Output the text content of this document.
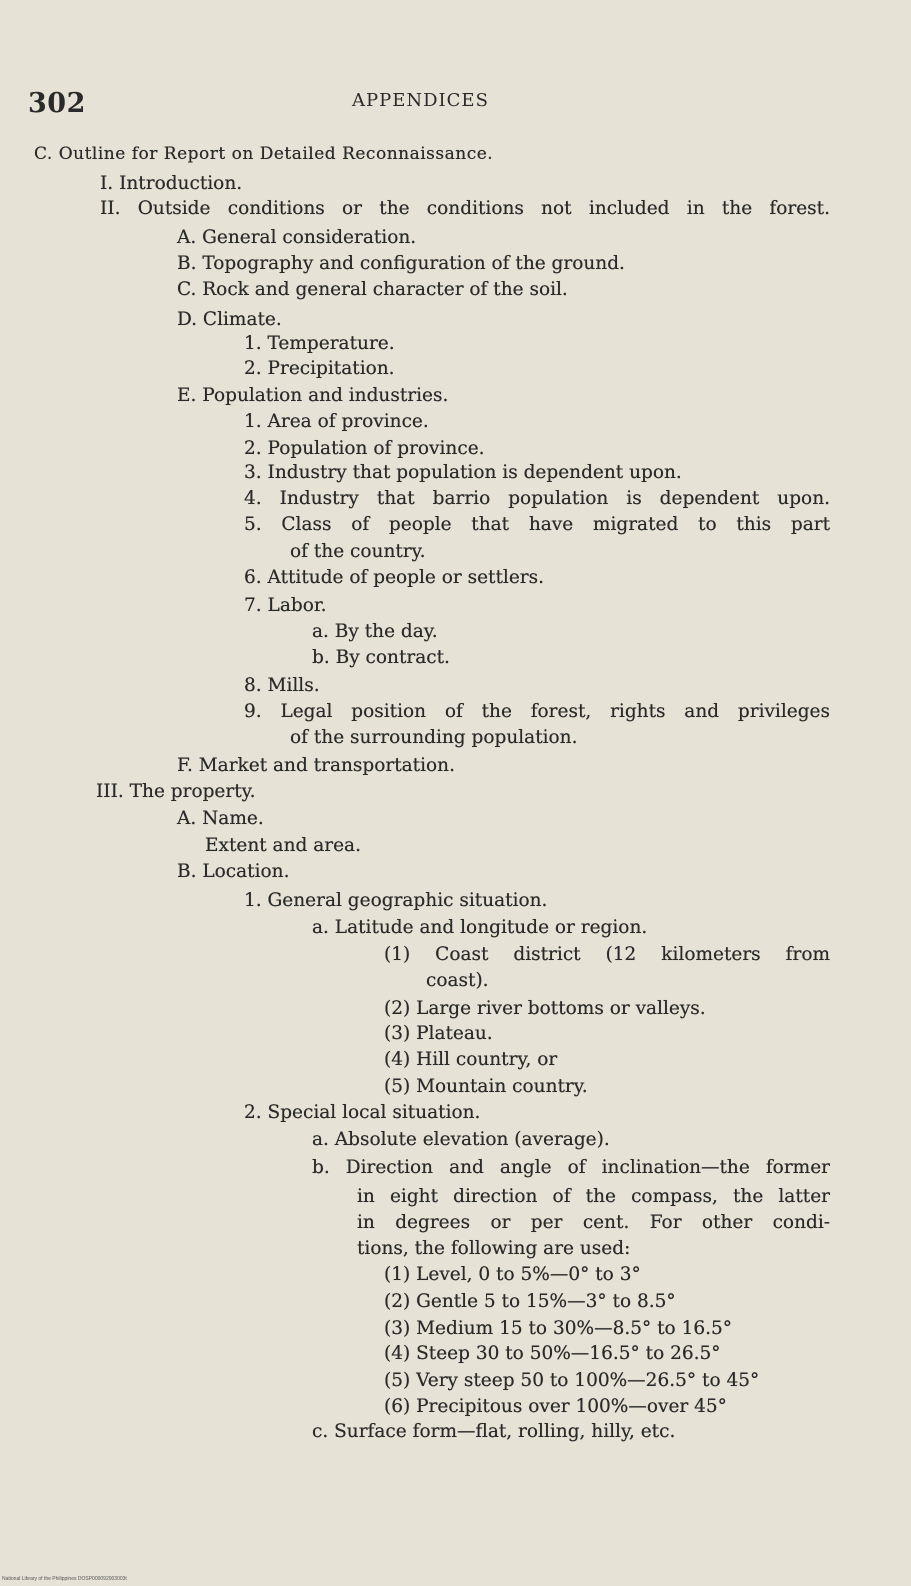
302	APPENDICES
C. Outline for Report on Detailed Reconnaissance.
I. Introduction.
II. Outside conditions or the conditions not included in the forest.
A. General consideration.
B. Topography and configuration of the ground.
C. Rock and general character of the soil.
D. Climate.
1. Temperature.
2. Precipitation.
E. Population and industries.
1. Area of province.
2. Population of province.
3. Industry that population is dependent upon.
4. Industry that barrio population is dependent upon.
5. Class of people that have migrated to this part
of the country.
6. Attitude of people or settlers.
7. Labor.
a. By the day.
b. By contract.
8. Mills.
9. Legal position of the forest, rights and privileges
of the surrounding population.
F. Market and transportation.
III. The property.
A. Name.
Extent and area.
B. Location.
1. General geographic situation.
a. Latitude and longitude or region.
(1) Coast district (12 kilometers from
coast).
(2) Large river bottoms or valleys.
(3) Plateau.
(4) Hill country, or
(5) Mountain country.
2. Special local situation.
a. Absolute elevation (average).
b. Direction and angle of inclination—the former
in eight direction of the compass, the latter
in degrees or per cent. For other condi-
tions, the following are used:
(1) Level, 0 to 5%—0° to 3°
(2) Gentle 5 to 15%—3° to 8.5°
(3) Medium 15 to 30%—8.5° to 16.5°
(4) Steep 30 to 50%—16.5° to 26.5°
(5) Very steep 50 to 100%—26.5° to 45°
(6) Precipitous over 100%—over 45°
c. Surface form—flat, rolling, hilly, etc.
National Library of the Philippines DOSP000092003003t
